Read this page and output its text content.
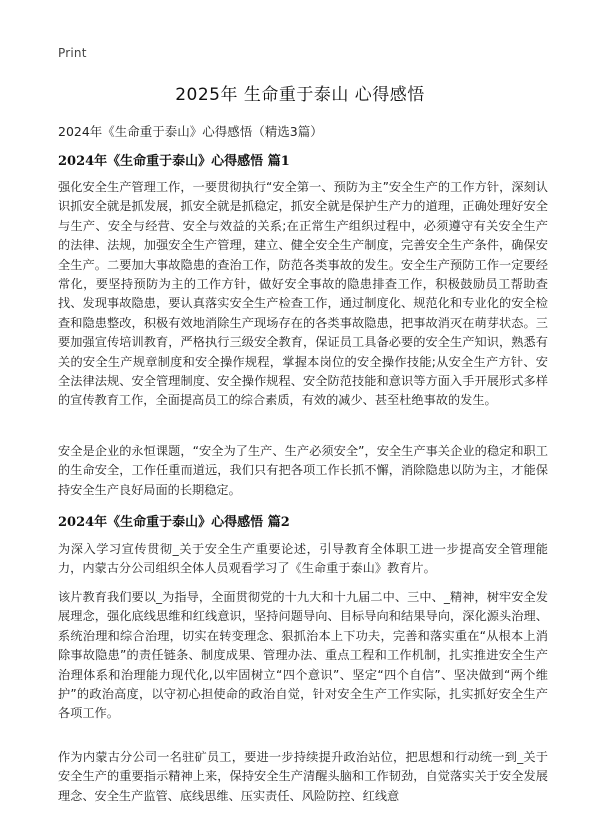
Print
2025年 生命重于泰山 心得感悟
2024年《生命重于泰山》心得感悟（精选3篇）
2024年《生命重于泰山》心得感悟 篇1
强化安全生产管理工作，一要贯彻执行“安全第一、预防为主”安全生产的工作方针，深刻认识抓安全就是抓发展，抓安全就是抓稳定，抓安全就是保护生产力的道理，正确处理好安全与生产、安全与经营、安全与效益的关系;在正常生产组织过程中，必须遵守有关安全生产的法律、法规，加强安全生产管理，建立、健全安全生产制度，完善安全生产条件，确保安全生产。二要加大事故隐患的查治工作，防范各类事故的发生。安全生产预防工作一定要经常化，要坚持预防为主的工作方针，做好安全事故的隐患排查工作，积极鼓励员工帮助查找、发现事故隐患，要认真落实安全生产检查工作，通过制度化、规范化和专业化的安全检查和隐患整改，积极有效地消除生产现场存在的各类事故隐患，把事故消灭在萌芽状态。三要加强宣传培训教育，严格执行三级安全教育，保证员工具备必要的安全生产知识，熟悉有关的安全生产规章制度和安全操作规程，掌握本岗位的安全操作技能;从安全生产方针、安全法律法规、安全管理制度、安全操作规程、安全防范技能和意识等方面入手开展形式多样的宣传教育工作，全面提高员工的综合素质，有效的减少、甚至杜绝事故的发生。
安全是企业的永恒课题，“安全为了生产、生产必须安全”，安全生产事关企业的稳定和职工的生命安全，工作任重而道远，我们只有把各项工作长抓不懈，消除隐患以防为主，才能保持安全生产良好局面的长期稳定。
2024年《生命重于泰山》心得感悟 篇2
为深入学习宣传贯彻_关于安全生产重要论述，引导教育全体职工进一步提高安全管理能力，内蒙古分公司组织全体人员观看学习了《生命重于泰山》教育片。
该片教育我们要以_为指导，全面贯彻党的十九大和十九届二中、三中、_精神，树牢安全发展理念，强化底线思维和红线意识，坚持问题导向、目标导向和结果导向，深化源头治理、系统治理和综合治理，切实在转变理念、狠抓治本上下功夫，完善和落实重在“从根本上消除事故隐患”的责任链条、制度成果、管理办法、重点工程和工作机制，扎实推进安全生产治理体系和治理能力现代化,以牢固树立“四个意识”、坚定“四个自信”、坚决做到“两个维护”的政治高度，以守初心担使命的政治自觉，针对安全生产工作实际，扎实抓好安全生产各项工作。
作为内蒙古分公司一名驻矿员工，要进一步持续提升政治站位，把思想和行动统一到_关于安全生产的重要指示精神上来，保持安全生产清醒头脑和工作韧劲，自觉落实关于安全发展理念、安全生产监管、底线思维、压实责任、风险防控、红线意
